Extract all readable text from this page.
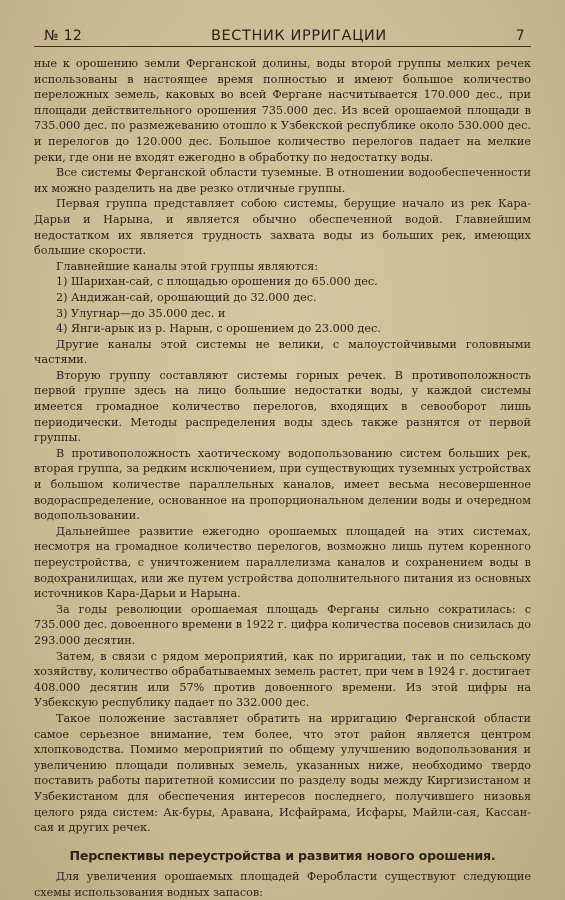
№ 12	ВЕСТНИК ИРРИГАЦИИ	7

ные к орошению земли Ферганской долины, воды второй группы мелких речек использованы в настоящее время полностью и имеют большое количество переложных земель, каковых во всей Фергане насчитывается 170.000 дес., при площади действительного орошения 735.000 дес. Из всей орошаемой площади в 735.000 дес. по размежеванию отошло к Узбекской республике около 530.000 дес. и перелогов до 120.000 дес. Большое количество перелогов падает на мелкие реки, где они не входят ежегодно в обработку по недостатку воды.

Все системы Ферганской области туземные. В отношении водообеспеченности их можно разделить на две резко отличные группы.

Первая группа представляет собою системы, берущие начало из рек Кара-Дарьи и Нарына, и является обычно обеспеченной водой. Главнейшим недостатком их является трудность захвата воды из больших рек, имеющих большие скорости.

Главнейшие каналы этой группы являются:

1) Шарихан-сай, с площадью орошения до 65.000 дес.

2) Андижан-сай, орошающий до 32.000 дес.

3) Улугнар—до 35.000 дес. и

4) Янги-арык из р. Нарын, с орошением до 23.000 дес.

Другие каналы этой системы не велики, с малоустойчивыми головными частями.

Вторую группу составляют системы горных речек. В противоположность первой группе здесь на лицо большие недостатки воды, у каждой системы имеется громадное количество перелогов, входящих в севооборот лишь периодически. Методы распределения воды здесь также разнятся от первой группы.

В противоположность хаотическому водопользованию систем больших рек, вторая группа, за редким исключением, при существующих туземных устройствах и большом количестве параллельных каналов, имеет весьма несовершенное водораспределение, основанное на пропорциональном делении воды и очередном водопользовании.

Дальнейшее развитие ежегодно орошаемых площадей на этих системах, несмотря на громадное количество перелогов, возможно лишь путем коренного переустройства, с уничтожением параллелизма каналов и сохранением воды в водохранилищах, или же путем устройства дополнительного питания из основных источников Кара-Дарьи и Нарына.

За годы революции орошаемая площадь Ферганы сильно сократилась: с 735.000 дес. довоенного времени в 1922 г. цифра количества посевов снизилась до 293.000 десятин.

Затем, в связи с рядом мероприятий, как по ирригации, так и по сельскому хозяйству, количество обрабатываемых земель растет, при чем в 1924 г. достигает 408.000 десятин или 57% против довоенного времени. Из этой цифры на Узбекскую республику падает по 332.000 дес.

Такое положение заставляет обратить на ирригацию Ферганской области самое серьезное внимание, тем более, что этот район является центром хлопководства. Помимо мероприятий по общему улучшению водопользования и увеличению площади поливных земель, указанных ниже, необходимо твердо поставить работы паритетной комиссии по разделу воды между Киргизистаном и Узбекистаном для обеспечения интересов последнего, получившего низовья целого ряда систем: Ак-буры, Аравана, Исфайрама, Исфары, Майли-сая, Кассан-сая и других речек.

Перспективы переустройства и развития нового орошения.

Для увеличения орошаемых площадей Феробласти существуют следующие схемы использования водных запасов:
